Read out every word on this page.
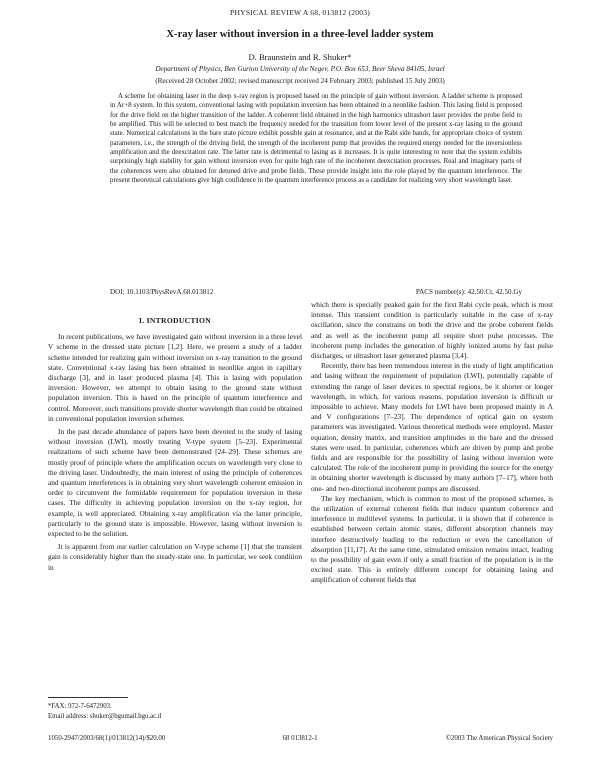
PHYSICAL REVIEW A 68, 013812 (2003)
X-ray laser without inversion in a three-level ladder system
D. Braunstein and R. Shuker*
Department of Physics, Ben Gurion University of the Negev, P.O. Box 653, Beer Sheva 84105, Israel
(Received 28 October 2002; revised manuscript received 24 February 2003; published 15 July 2003)
A scheme for obtaining laser in the deep x-ray region is proposed based on the principle of gain without inversion. A ladder scheme is proposed in Ar+8 system. In this system, conventional lasing with population inversion has been obtained in a neonlike fashion. This lasing field is proposed for the drive field on the higher transition of the ladder. A coherent field obtained in the high harmonics ultrashort laser provides the probe field to be amplified. This will be selected to best match the frequency needed for the transition from lower level of the present x-ray lasing to the ground state. Numerical calculations in the bare state picture exhibit possible gain at resonance, and at the Rabi side bands, for appropriate choice of system parameters, i.e., the strength of the driving field, the strength of the incoherent pump that provides the required energy needed for the inversionless amplification and the deexcitation rate. The latter rate is detrimental to lasing as it increases. It is quite interesting to note that the system exhibits surprisingly high stability for gain without inversion even for quite high rate of the incoherent deexcitation processes. Real and imaginary parts of the coherences were also obtained for detuned drive and probe fields. These provide insight into the role played by the quantum interference. The present theoretical calculations give high confidence in the quantum interference process as a candidate for realizing very short wavelength laser.
DOI: 10.1103/PhysRevA.68.013812	PACS number(s): 42.50.Ct, 42.50.Gy
I. INTRODUCTION

In recent publications, we have investigated gain without inversion in a three level V scheme in the dressed state picture [1,2]. Here, we present a study of a ladder scheme intended for realizing gain without inversion on x-ray transition to the ground state. Conventional x-ray lasing has been obtained in neonlike argon in capillary discharge [3], and in laser produced plasma [4]. This is lasing with population inversion. However, we attempt to obtain lasing to the ground state without population inversion. This is based on the principle of quantum interference and control. Moreover, such transitions provide shorter wavelength than could be obtained in conventional population inversion schemes.

In the past decade abundance of papers have been devoted to the study of lasing without inversion (LWI), mostly treating V-type system [5–23]. Experimental realizations of such scheme have been demonstrated [24–29]. These schemes are mostly proof of principle where the amplification occurs on wavelength very close to the driving laser. Undoubtedly, the main interest of using the principle of coherences and quantum interferences is in obtaining very short wavelength coherent emission in order to circumvent the formidable requirement for population inversion in these cases. The difficulty in achieving population inversion on the x-ray region, for example, is well appreciated. Obtaining x-ray amplification via the latter principle, particularly to the ground state is impossible. However, lasing without inversion is expected to be the solution.

It is apparent from our earlier calculation on V-type scheme [1] that the transient gain is considerably higher than the steady-state one. In particular, we seek condition in

which there is specially peaked gain for the first Rabi cycle peak, which is most intense. This transient condition is particularly suitable in the case of x-ray oscillation, since the constrains on both the drive and the probe coherent fields and as well as the incoherent pump all require short pulse processes. The incoherent pump includes the generation of highly ionized atoms by fast pulse discharges, or ultrashort laser generated plasma [3,4].

Recently, there has been tremendous interest in the study of light amplification and lasing without the requirement of population (LWI), potentially capable of extending the range of laser devices to spectral regions, be it shorter or longer wavelength, in which, for various reasons, population inversion is difficult or impossible to achieve. Many models for LWI have been proposed mainly in Λ and V configurations [7–23]. The dependence of optical gain on system parameters was investigated. Various theoretical methods were employed. Master equation, density matrix, and transition amplitudes in the bare and the dressed states were used. In particular, coherences which are driven by pump and probe fields and are responsible for the possibility of lasing without inversion were calculated. The role of the incoherent pump in providing the source for the energy in obtaining shorter wavelength is discussed by many authors [7–17], where both one- and two-directional incoherent pumps are discussed.

The key mechanism, which is common to most of the proposed schemes, is the utilization of external coherent fields that induce quantum coherence and interference in multilevel systems. In particular, it is shown that if coherence is established between certain atomic states, different absorption channels may interfere destructively leading to the reduction or even the cancellation of absorption [11,17]. At the same time, stimulated emission remains intact, leading to the possibility of gain even if only a small fraction of the population is in the excited state. This is entirely different concept for obtaining lasing and amplification of coherent fields that

*FAX: 972-7-6472903.
Email address: shuker@bgumail.bgu.ac.il
1050-2947/2003/68(1)/013812(14)/$20.00	68 013812-1	©2003 The American Physical Society
